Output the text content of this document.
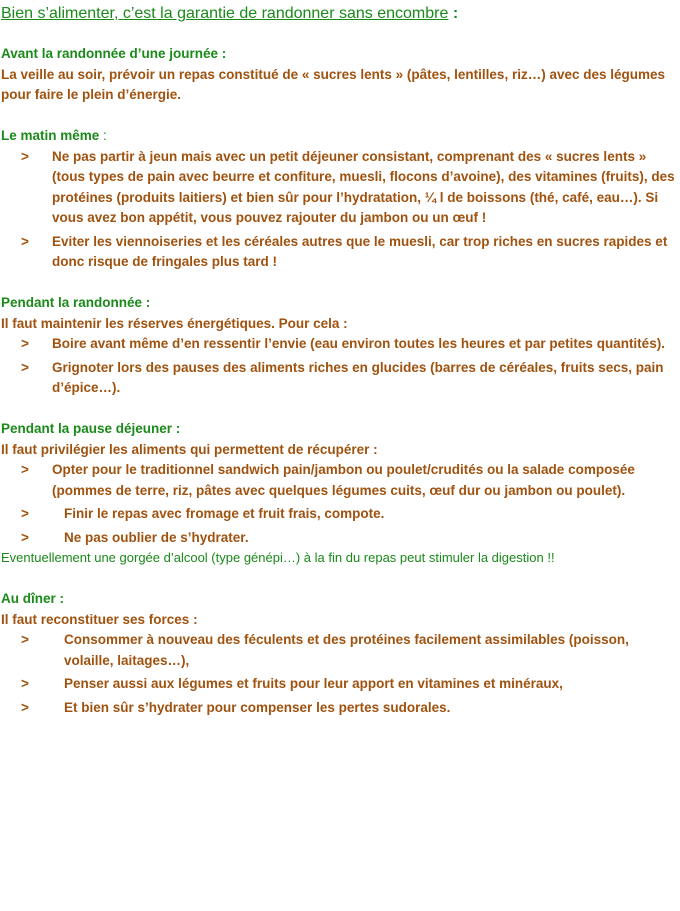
Bien s’alimenter, c’est la garantie de randonner sans encombre :
Avant la randonnée d’une journée :

La veille au soir, prévoir un repas constitué de « sucres lents » (pâtes, lentilles, riz…) avec des légumes pour faire le plein d’énergie.

Le matin même :
> Ne pas partir à jeun mais avec un petit déjeuner consistant, comprenant des « sucres lents » (tous types de pain avec beurre et confiture, muesli, flocons d’avoine), des vitamines (fruits), des protéines (produits laitiers) et bien sûr pour l’hydratation, ¼ l de boissons (thé, café, eau…). Si vous avez bon appétit, vous pouvez rajouter du jambon ou un œuf !
> Eviter les viennoiseries et les céréales autres que le muesli, car trop riches en sucres rapides et donc risque de fringales plus tard !
Pendant la randonnée :

Il faut maintenir les réserves énergétiques. Pour cela :

> Boire avant même d’en ressentir l’envie (eau environ toutes les heures et par petites quantités).
> Grignoter lors des pauses des aliments riches en glucides (barres de céréales, fruits secs, pain d’épice…).
Pendant la pause déjeuner :

Il faut privilégier les aliments qui permettent de récupérer :

> Opter pour le traditionnel sandwich pain/jambon ou poulet/crudités ou la salade composée (pommes de terre, riz, pâtes avec quelques légumes cuits, œuf dur ou jambon ou poulet).
>	Finir le repas avec fromage et fruit frais, compote.
>	Ne pas oublier de s’hydrater.

Eventuellement une gorgée d’alcool (type génépi…) à la fin du repas peut stimuler la digestion !!

Au dîner :

Il faut reconstituer ses forces :

>	Consommer à nouveau des féculents et des protéines facilement assimilables (poisson, volaille, laitages…),
>	Penser aussi aux légumes et fruits pour leur apport en vitamines et minéraux,
>	Et bien sûr s’hydrater pour compenser les pertes sudorales.
